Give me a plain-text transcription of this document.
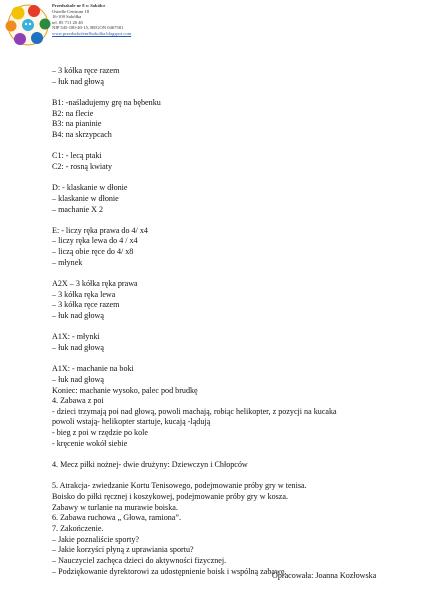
Przedszkole nr 8 w Sokółce
Osiedle Centrum 18
16-100 Sokółka
tel. 85 711 20 40
NIP 545-180-40-15, REGON 0467581
www.przedszkolenr8sokolka.blogspot.com
– 3 kółka ręce razem
– łuk nad głową
B1: -naśladujemy grę na bębenku
B2: na flecie
B3: na pianinie
B4: na skrzypcach
C1: - lecą ptaki
C2: - rosną kwiaty
D: - klaskanie w dłonie
– klaskanie w dłonie
– machanie X 2
E: - liczy ręka prawa do 4/ x4
– liczy ręka lewa do 4 / x4
– liczą obie ręce do 4/ x8
– młynek
A2X – 3 kółka ręka prawa
– 3 kółka ręka lewa
– 3 kółka ręce razem
– łuk nad głową
A1X: - młynki
– łuk nad głową
A1X: - machanie na boki
– łuk nad głową
Koniec: machanie wysoko, palec pod brudkę
4. Zabawa z poi
- dzieci trzymają poi nad głową, powoli machają, robiąc helikopter, z pozycji na kucaka
powoli wstają- helikopter startuje, kucają -lądują
- bieg z poi w rzędzie po kole
- kręcenie wokół siebie
4. Mecz piłki nożnej- dwie drużyny: Dziewczyn i Chłopców
5. Atrakcja- zwiedzanie Kortu Tenisowego, podejmowanie próby gry w tenisa.
Boisko do piłki ręcznej i koszykowej, podejmowanie próby gry w kosza.
Zabawy w turlanie na murawie boiska.
6. Zabawa ruchowa „ Głowa, ramiona”.
7. Zakończenie.
– Jakie poznaliście sporty?
– Jakie korzyści płyną z uprawiania sportu?
– Nauczyciel zachęca dzieci do aktywności fizycznej.
– Podziękowanie dyrektorowi za udostępnienie boisk i wspólną zabawę.
Opracowała: Joanna Kozłowska
